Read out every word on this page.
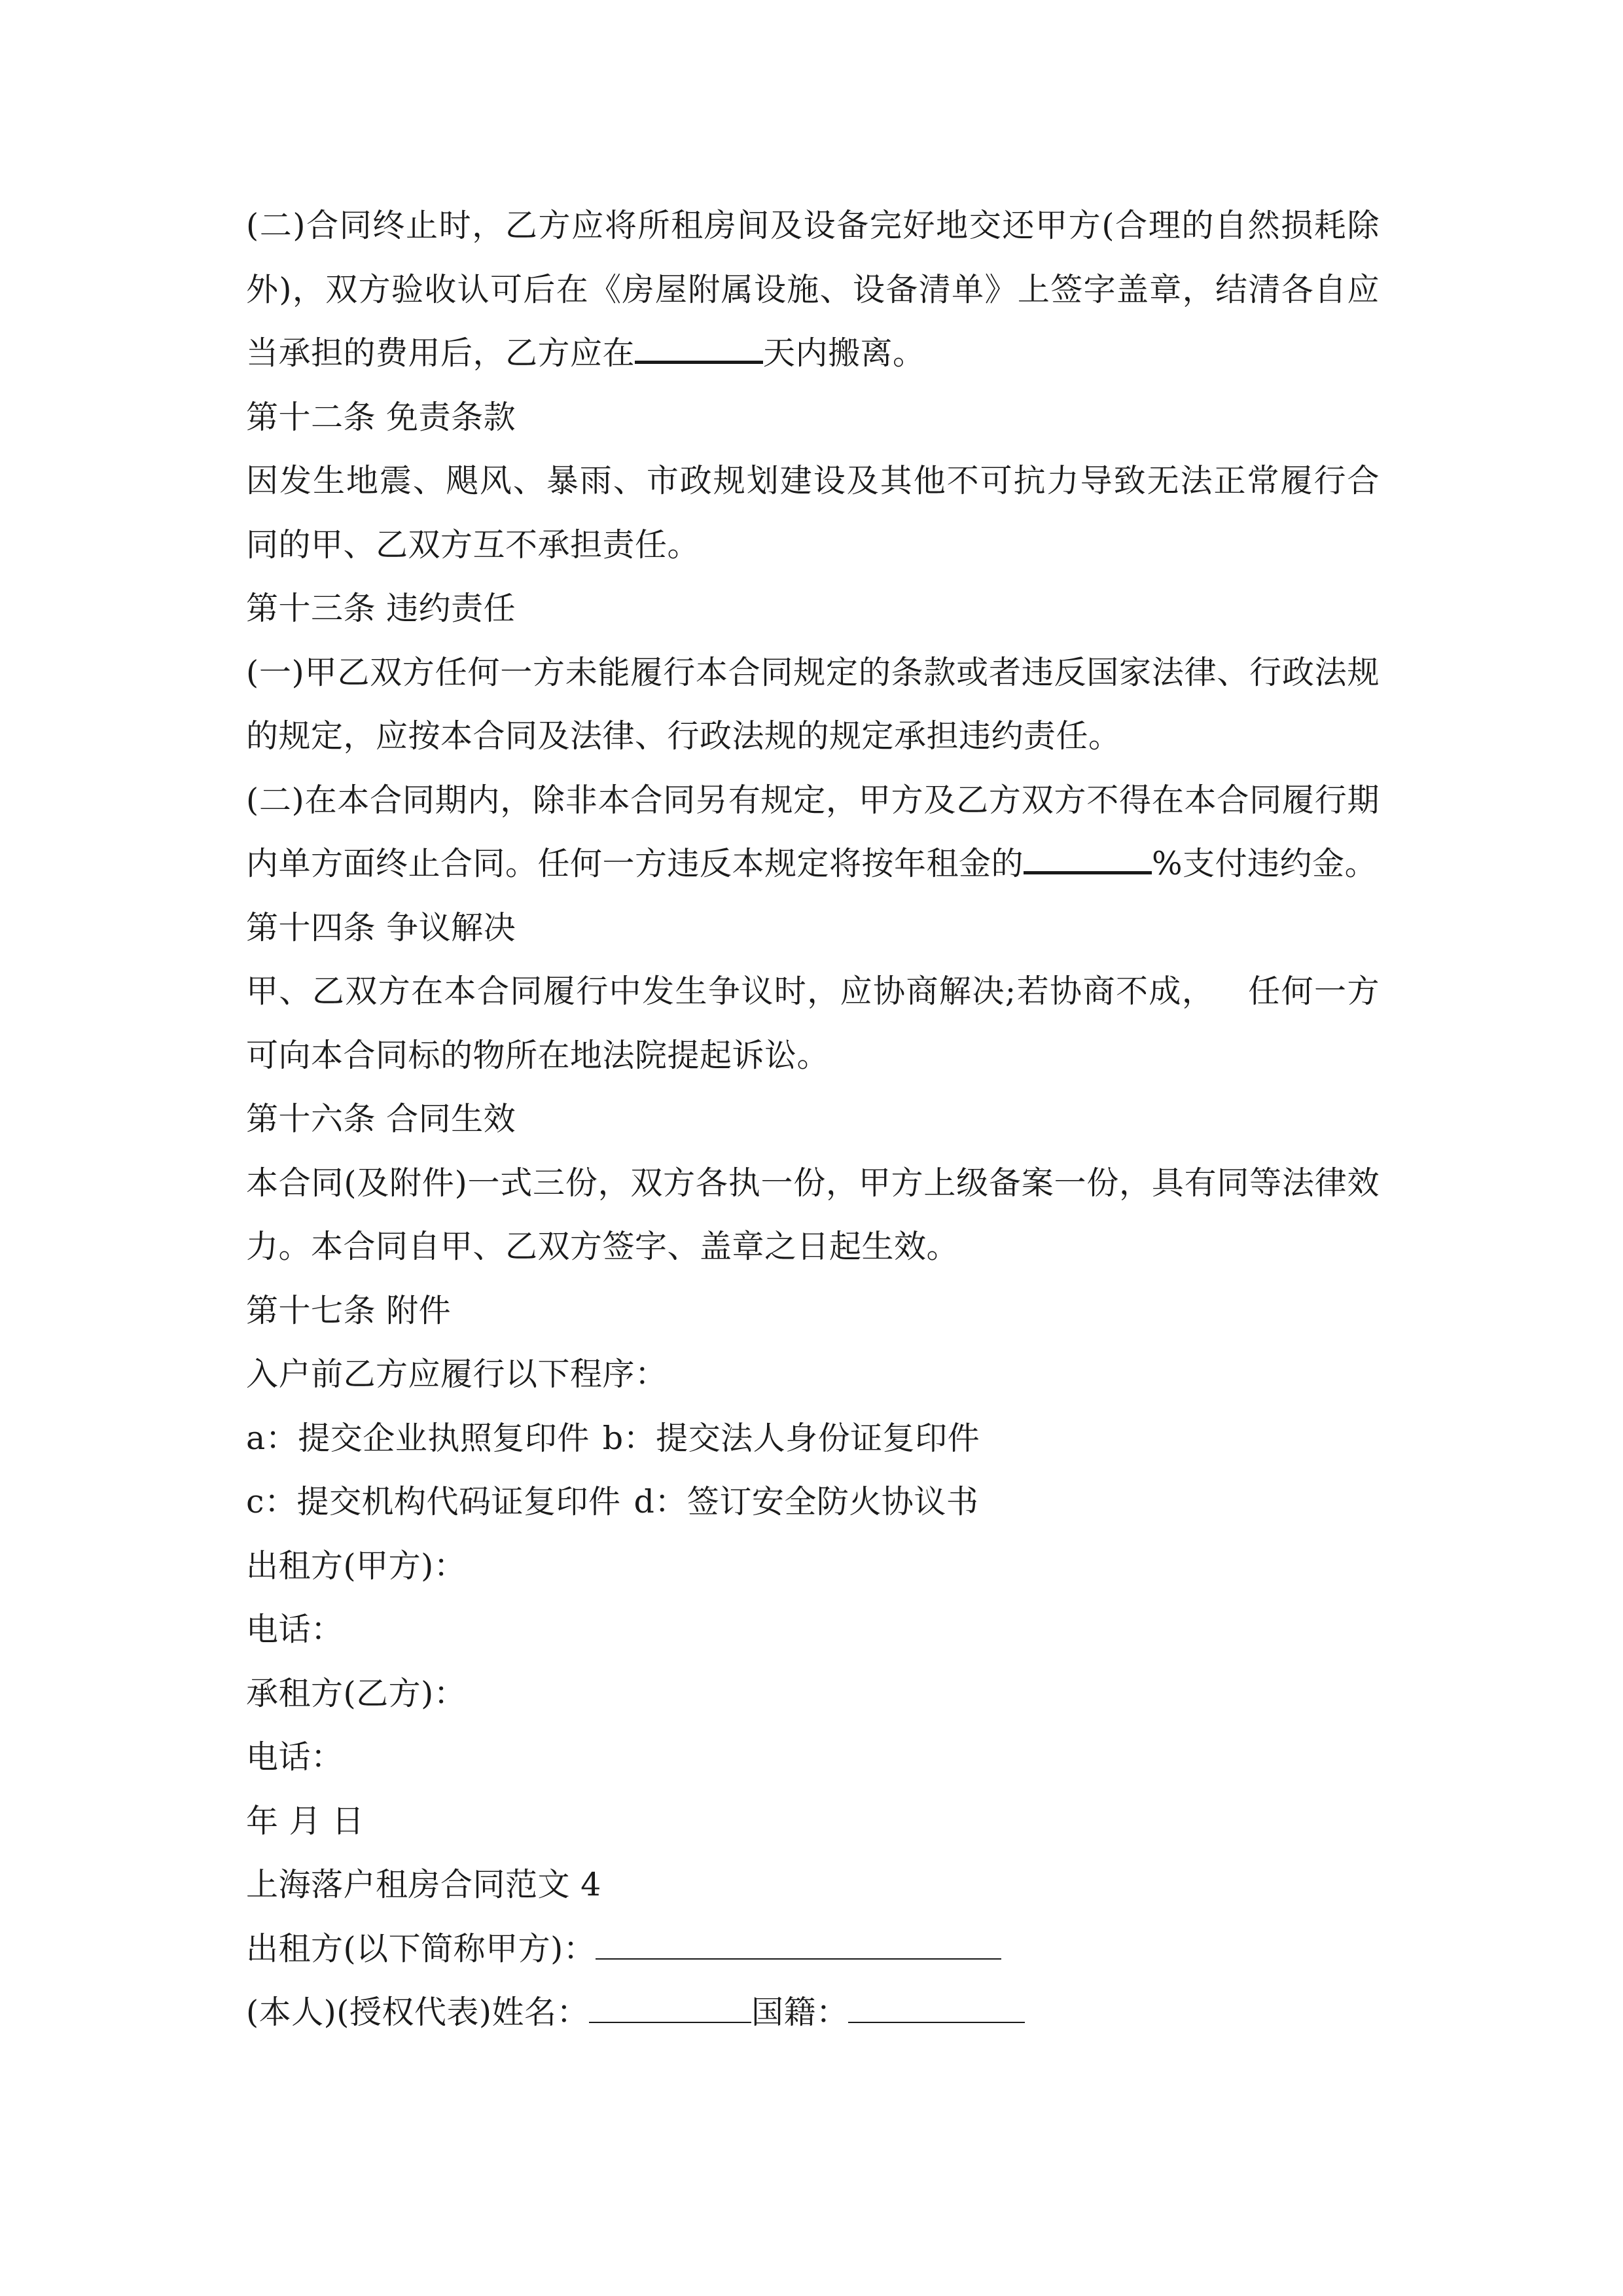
(二)合同终止时，乙方应将所租房间及设备完好地交还甲方(合理的自然损耗除外)，双方验收认可后在《房屋附属设施、设备清单》上签字盖章，结清各自应当承担的费用后，乙方应在	天内搬离。

第十二条 免责条款

因发生地震、飓风、暴雨、市政规划建设及其他不可抗力导致无法正常履行合同的甲、乙双方互不承担责任。

第十三条 违约责任

(一)甲乙双方任何一方未能履行本合同规定的条款或者违反国家法律、行政法规的规定，应按本合同及法律、行政法规的规定承担违约责任。

(二)在本合同期内，除非本合同另有规定，甲方及乙方双方不得在本合同履行期内单方面终止合同。任何一方违反本规定将按年租金的	%支付违约金。

第十四条 争议解决

甲、乙双方在本合同履行中发生争议时，应协商解决;若协商不成， 任何一方可向本合同标的物所在地法院提起诉讼。

第十六条 合同生效

本合同(及附件)一式三份，双方各执一份，甲方上级备案一份，具有同等法律效力。本合同自甲、乙双方签字、盖章之日起生效。

第十七条 附件

入户前乙方应履行以下程序：

a：提交企业执照复印件 b：提交法人身份证复印件

c：提交机构代码证复印件 d：签订安全防火协议书

出租方(甲方)：

电话：

承租方(乙方)：

电话：

年 月 日

上海落户租房合同范文 4

出租方(以下简称甲方)：

(本人)(授权代表)姓名：	国籍：
